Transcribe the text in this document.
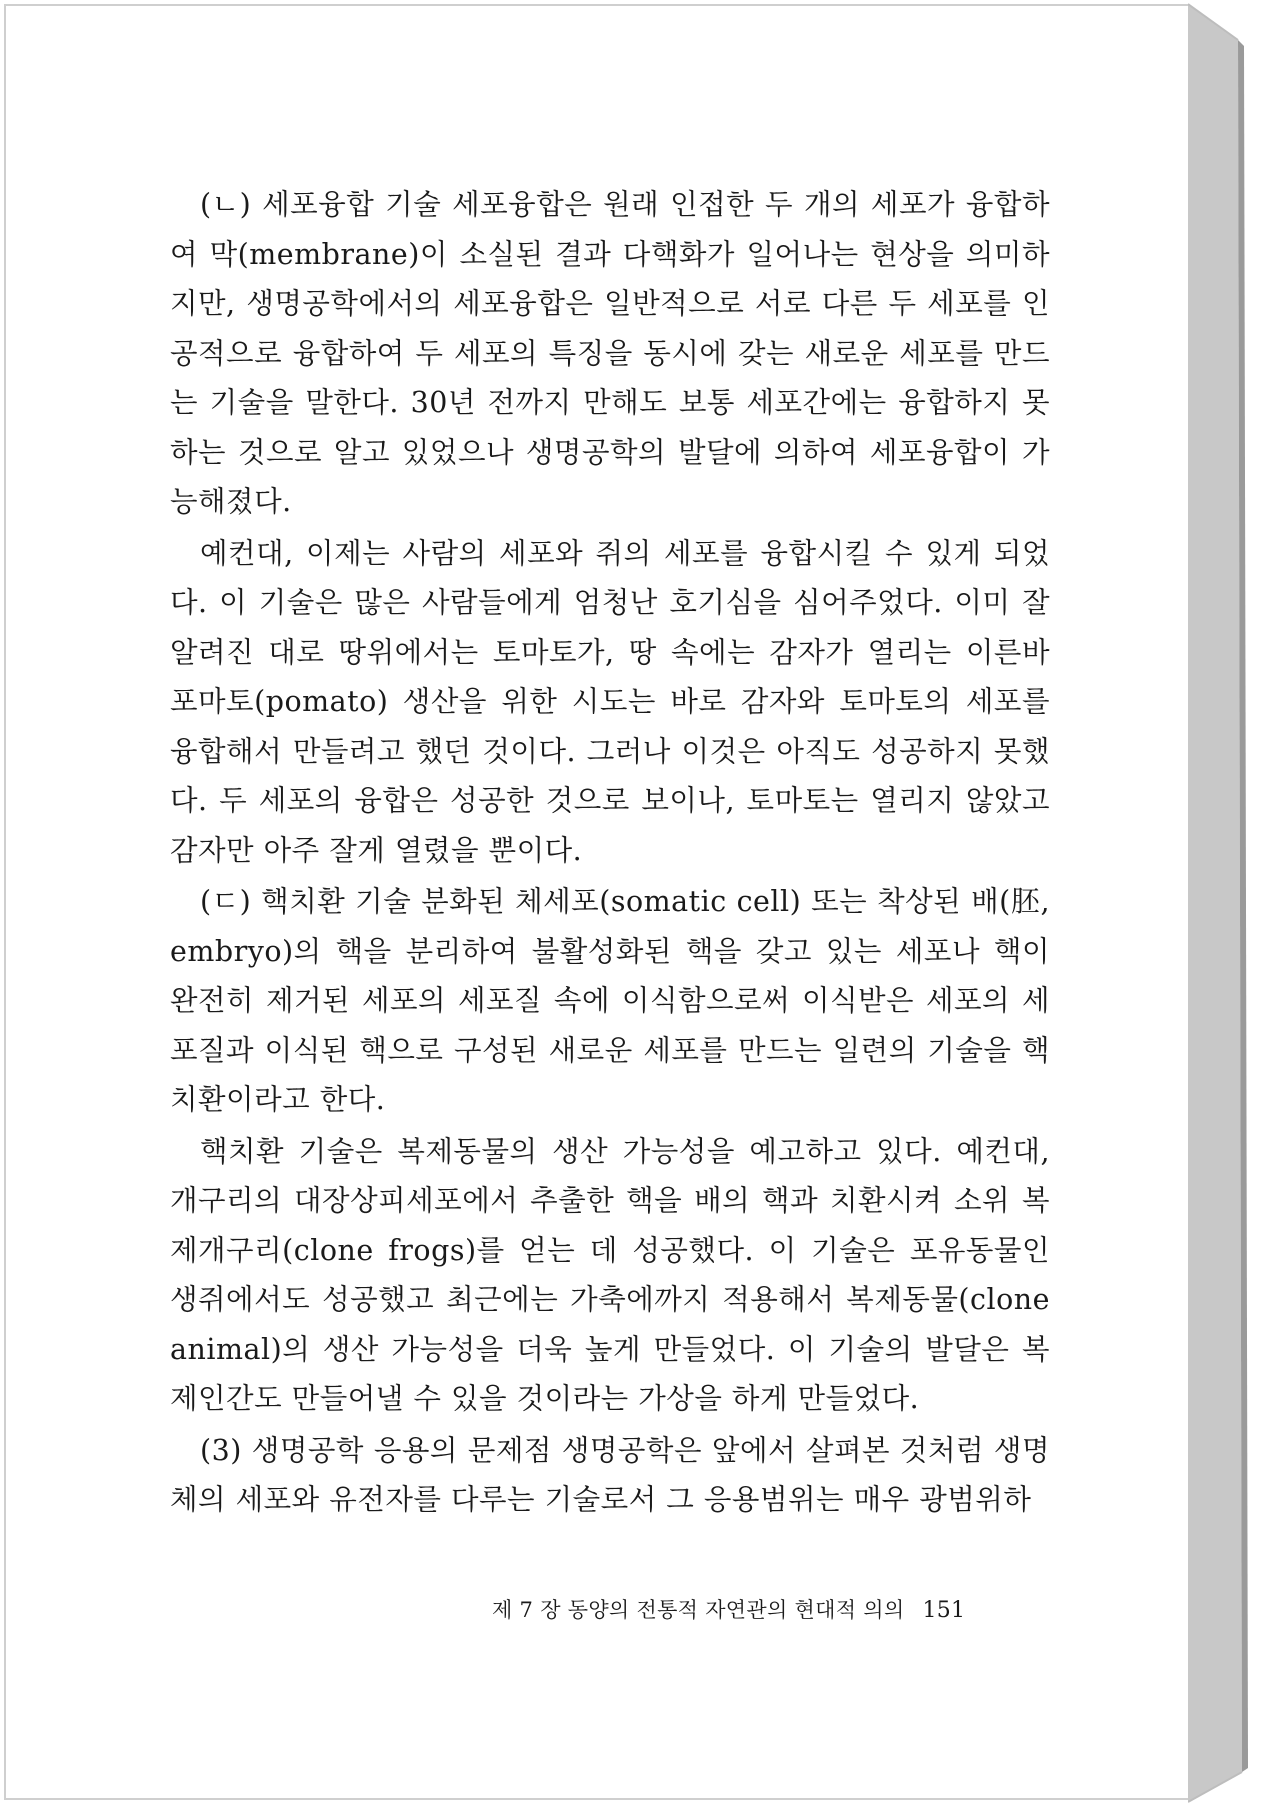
(ㄴ) 세포융합 기술 세포융합은 원래 인접한 두 개의 세포가 융합하여 막(membrane)이 소실된 결과 다핵화가 일어나는 현상을 의미하지만, 생명공학에서의 세포융합은 일반적으로 서로 다른 두 세포를 인공적으로 융합하여 두 세포의 특징을 동시에 갖는 새로운 세포를 만드는 기술을 말한다. 30년 전까지 만해도 보통 세포간에는 융합하지 못하는 것으로 알고 있었으나 생명공학의 발달에 의하여 세포융합이 가능해졌다.

예컨대, 이제는 사람의 세포와 쥐의 세포를 융합시킬 수 있게 되었다. 이 기술은 많은 사람들에게 엄청난 호기심을 심어주었다. 이미 잘 알려진 대로 땅위에서는 토마토가, 땅 속에는 감자가 열리는 이른바 포마토(pomato) 생산을 위한 시도는 바로 감자와 토마토의 세포를 융합해서 만들려고 했던 것이다. 그러나 이것은 아직도 성공하지 못했다. 두 세포의 융합은 성공한 것으로 보이나, 토마토는 열리지 않았고 감자만 아주 잘게 열렸을 뿐이다.

(ㄷ) 핵치환 기술 분화된 체세포(somatic cell) 또는 착상된 배(胚, embryo)의 핵을 분리하여 불활성화된 핵을 갖고 있는 세포나 핵이 완전히 제거된 세포의 세포질 속에 이식함으로써 이식받은 세포의 세포질과 이식된 핵으로 구성된 새로운 세포를 만드는 일련의 기술을 핵치환이라고 한다.

핵치환 기술은 복제동물의 생산 가능성을 예고하고 있다. 예컨대, 개구리의 대장상피세포에서 추출한 핵을 배의 핵과 치환시켜 소위 복제개구리(clone frogs)를 얻는 데 성공했다. 이 기술은 포유동물인 생쥐에서도 성공했고 최근에는 가축에까지 적용해서 복제동물(clone animal)의 생산 가능성을 더욱 높게 만들었다. 이 기술의 발달은 복제인간도 만들어낼 수 있을 것이라는 가상을 하게 만들었다.

(3) 생명공학 응용의 문제점 생명공학은 앞에서 살펴본 것처럼 생명체의 세포와 유전자를 다루는 기술로서 그 응용범위는 매우 광범위하

제 7 장 동양의 전통적 자연관의 현대적 의의 151
